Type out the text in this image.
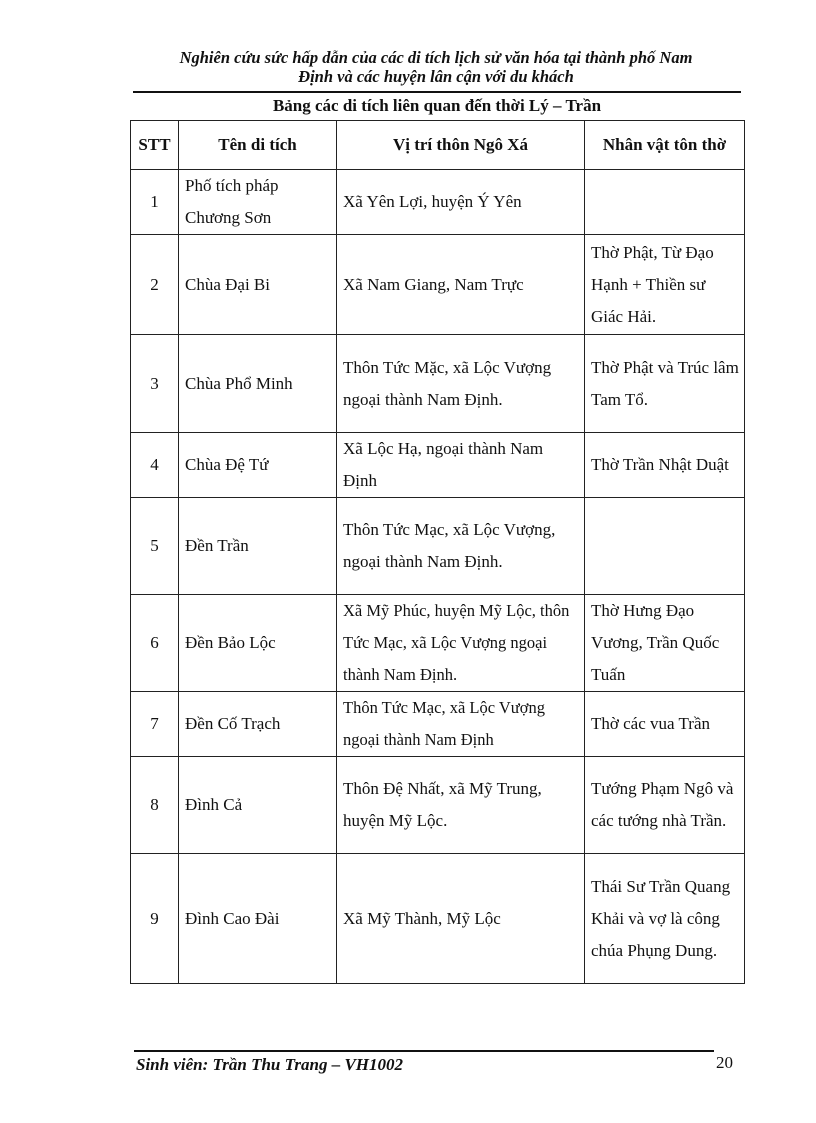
Nghiên cứu sức hấp dẫn của các di tích lịch sử văn hóa tại thành phố Nam
Định và các huyện lân cận với du khách
Bảng các di tích liên quan đến thời Lý – Trần
STT	Tên di tích	Vị trí thôn Ngô Xá	Nhân vật tôn thờ
1	Phố tích pháp Chương Sơn	Xã Yên Lợi, huyện Ý Yên	
2	Chùa Đại Bi	Xã Nam Giang, Nam Trực	Thờ Phật, Từ Đạo Hạnh + Thiền sư Giác Hải.
3	Chùa Phổ Minh	Thôn Tức Mặc, xã Lộc Vượng ngoại thành Nam Định.	Thờ Phật và Trúc lâm Tam Tổ.
4	Chùa Đệ Tứ	Xã Lộc Hạ, ngoại thành Nam Định	Thờ Trần Nhật Duật
5	Đền Trần	Thôn Tức Mạc, xã Lộc Vượng, ngoại thành Nam Định.	
6	Đền Bảo Lộc	Xã Mỹ Phúc, huyện Mỹ Lộc, thôn Tức Mạc, xã Lộc Vượng ngoại thành Nam Định.	Thờ Hưng Đạo Vương, Trần Quốc Tuấn
7	Đền Cố Trạch	Thôn Tức Mạc, xã Lộc Vượng ngoại thành Nam Định	Thờ các vua Trần
8	Đình Cả	Thôn Đệ Nhất, xã Mỹ Trung, huyện Mỹ Lộc.	Tướng Phạm Ngô và các tướng nhà Trần.
9	Đình Cao Đài	Xã Mỹ Thành, Mỹ Lộc	Thái Sư Trần Quang Khải và vợ là công chúa Phụng Dung.
Sinh viên: Trần Thu Trang – VH1002	20
